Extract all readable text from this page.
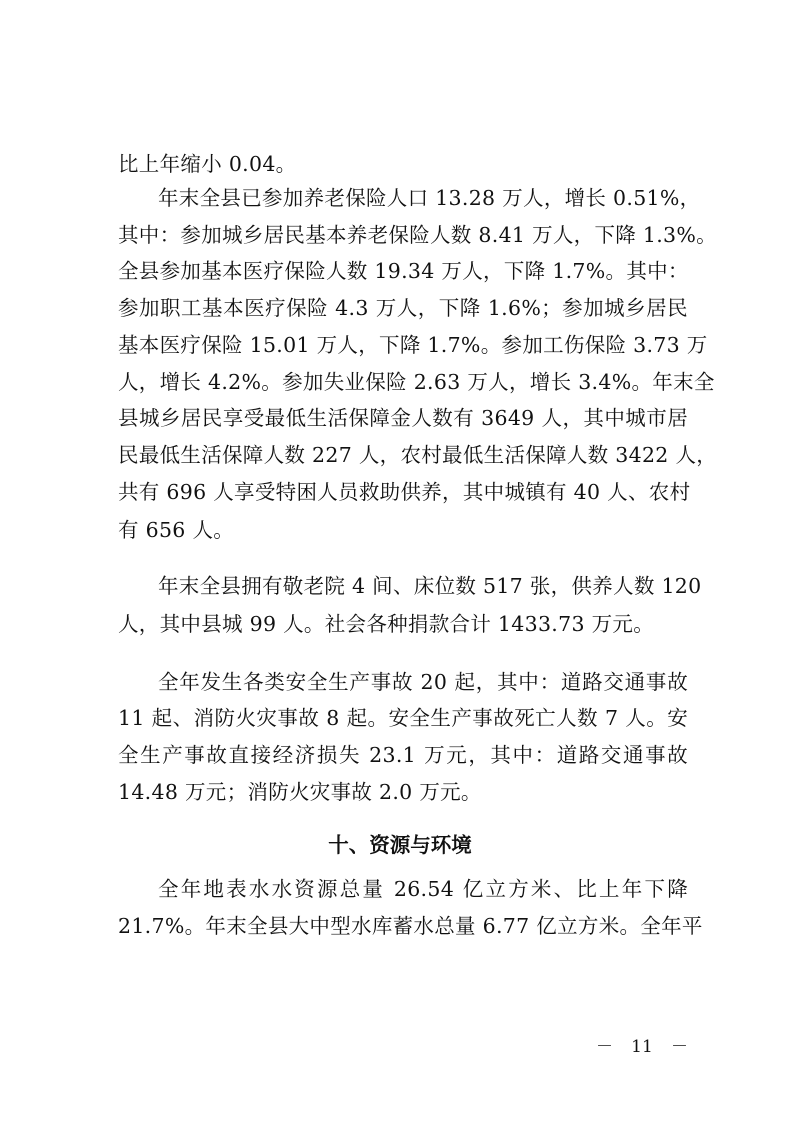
比上年缩小 0.04。
年末全县已参加养老保险人口 13.28 万人，增长 0.51%，
其中：参加城乡居民基本养老保险人数 8.41 万人，下降 1.3%。
全县参加基本医疗保险人数 19.34 万人，下降 1.7%。其中：
参加职工基本医疗保险 4.3 万人，下降 1.6%；参加城乡居民
基本医疗保险 15.01 万人，下降 1.7%。参加工伤保险 3.73 万
人，增长 4.2%。参加失业保险 2.63 万人，增长 3.4%。年末全
县城乡居民享受最低生活保障金人数有 3649 人，其中城市居
民最低生活保障人数 227 人，农村最低生活保障人数 3422 人，
共有 696 人享受特困人员救助供养，其中城镇有 40 人、农村
有 656 人。
年末全县拥有敬老院 4 间、床位数 517 张，供养人数 120
人，其中县城 99 人。社会各种捐款合计 1433.73 万元。
全年发生各类安全生产事故 20 起，其中：道路交通事故
11 起、消防火灾事故 8 起。安全生产事故死亡人数 7 人。安
全生产事故直接经济损失 23.1 万元，其中：道路交通事故
14.48 万元；消防火灾事故 2.0 万元。
十、资源与环境
全年地表水水资源总量 26.54 亿立方米、比上年下降
21.7%。年末全县大中型水库蓄水总量 6.77 亿立方米。全年平
－ 11 －
